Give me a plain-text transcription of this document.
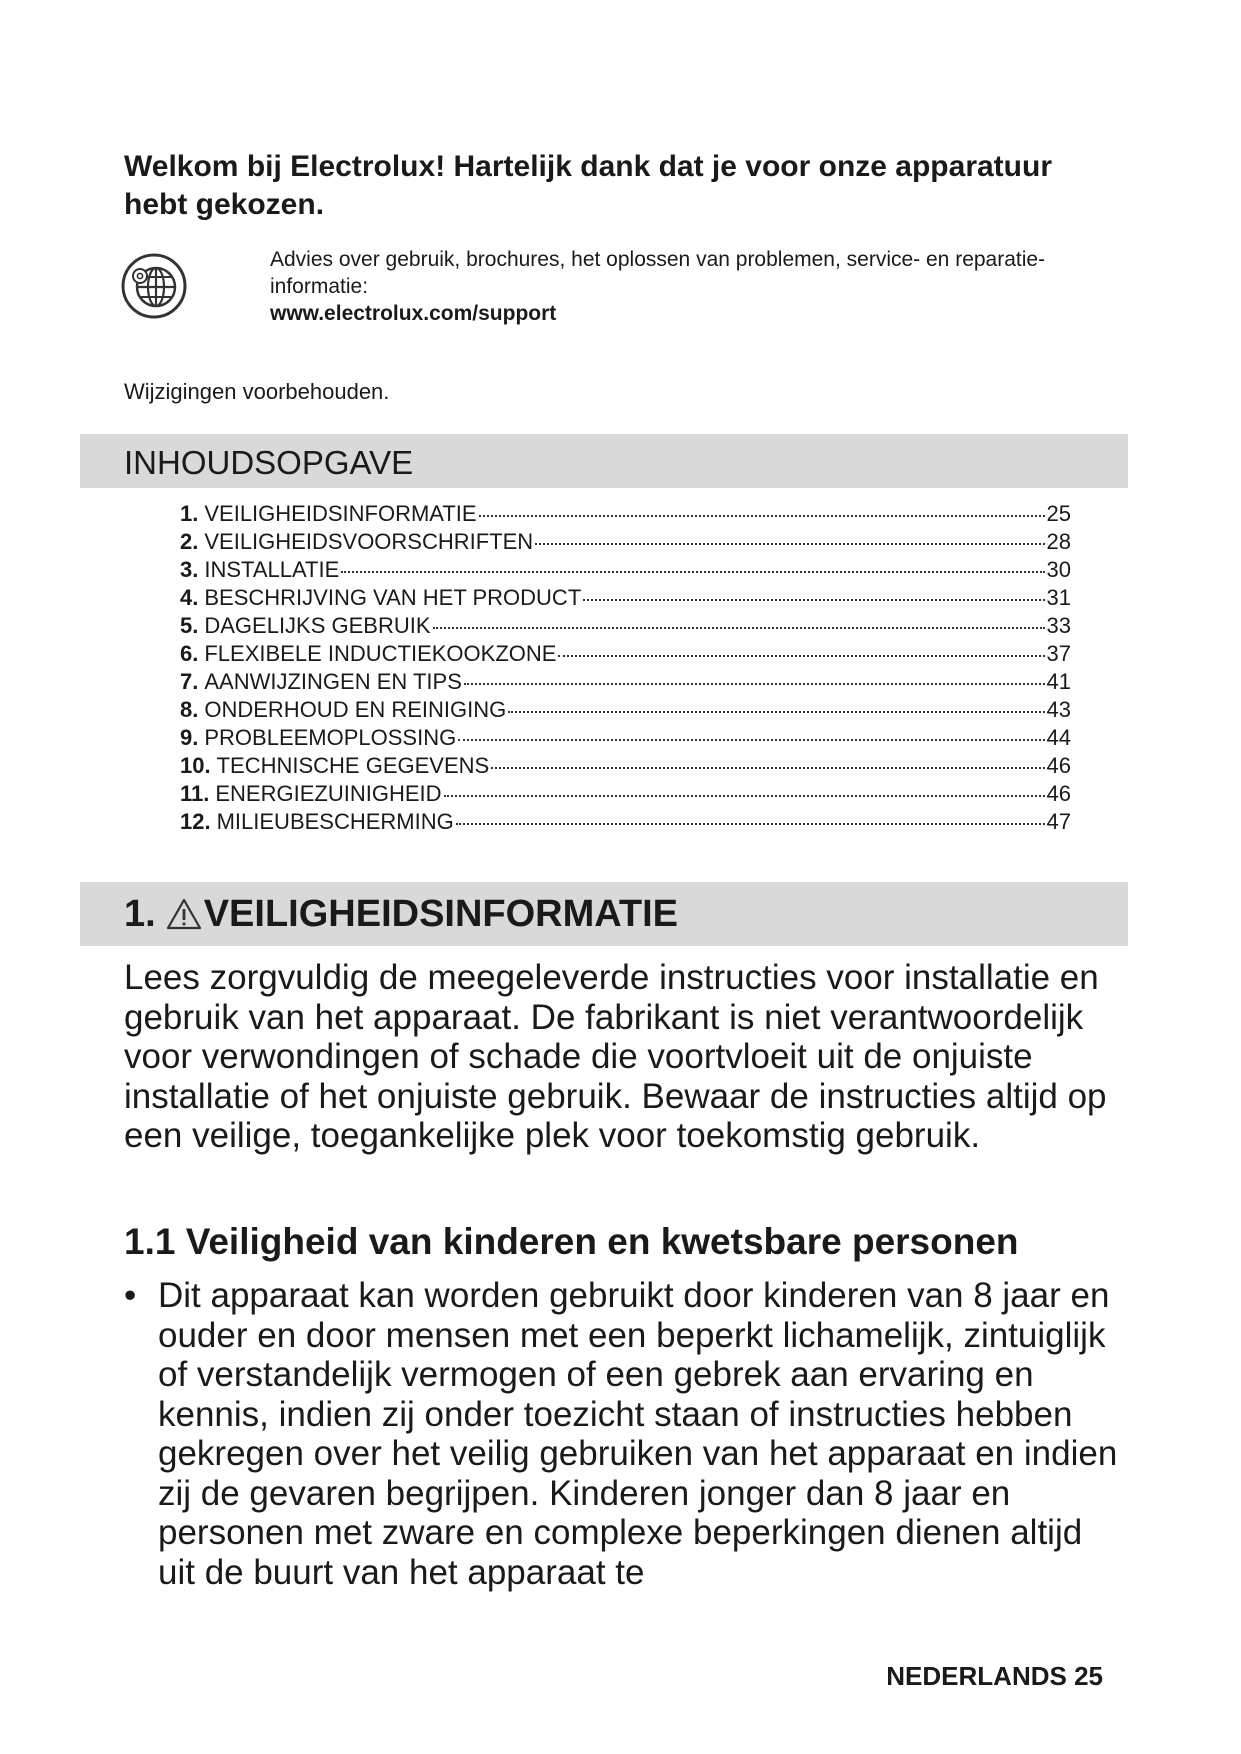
Welkom bij Electrolux! Hartelijk dank dat je voor onze apparatuur hebt gekozen.
Advies over gebruik, brochures, het oplossen van problemen, service- en reparatie-informatie:
www.electrolux.com/support
Wijzigingen voorbehouden.
INHOUDSOPGAVE
1. VEILIGHEIDSINFORMATIE	25
2. VEILIGHEIDSVOORSCHRIFTEN	28
3. INSTALLATIE	30
4. BESCHRIJVING VAN HET PRODUCT	31
5. DAGELIJKS GEBRUIK	33
6. FLEXIBELE INDUCTIEKOOKZONE	37
7. AANWIJZINGEN EN TIPS	41
8. ONDERHOUD EN REINIGING	43
9. PROBLEEMOPLOSSING	44
10. TECHNISCHE GEGEVENS	46
11. ENERGIEZUINIGHEID	46
12. MILIEUBESCHERMING	47
1. VEILIGHEIDSINFORMATIE

Lees zorgvuldig de meegeleverde instructies voor installatie en gebruik van het apparaat. De fabrikant is niet verantwoordelijk voor verwondingen of schade die voortvloeit uit de onjuiste installatie of het onjuiste gebruik. Bewaar de instructies altijd op een veilige, toegankelijke plek voor toekomstig gebruik.

1.1 Veiligheid van kinderen en kwetsbare personen
• Dit apparaat kan worden gebruikt door kinderen van 8 jaar en ouder en door mensen met een beperkt lichamelijk, zintuiglijk of verstandelijk vermogen of een gebrek aan ervaring en kennis, indien zij onder toezicht staan of instructies hebben gekregen over het veilig gebruiken van het apparaat en indien zij de gevaren begrijpen. Kinderen jonger dan 8 jaar en personen met zware en complexe beperkingen dienen altijd uit de buurt van het apparaat te
NEDERLANDS 25
